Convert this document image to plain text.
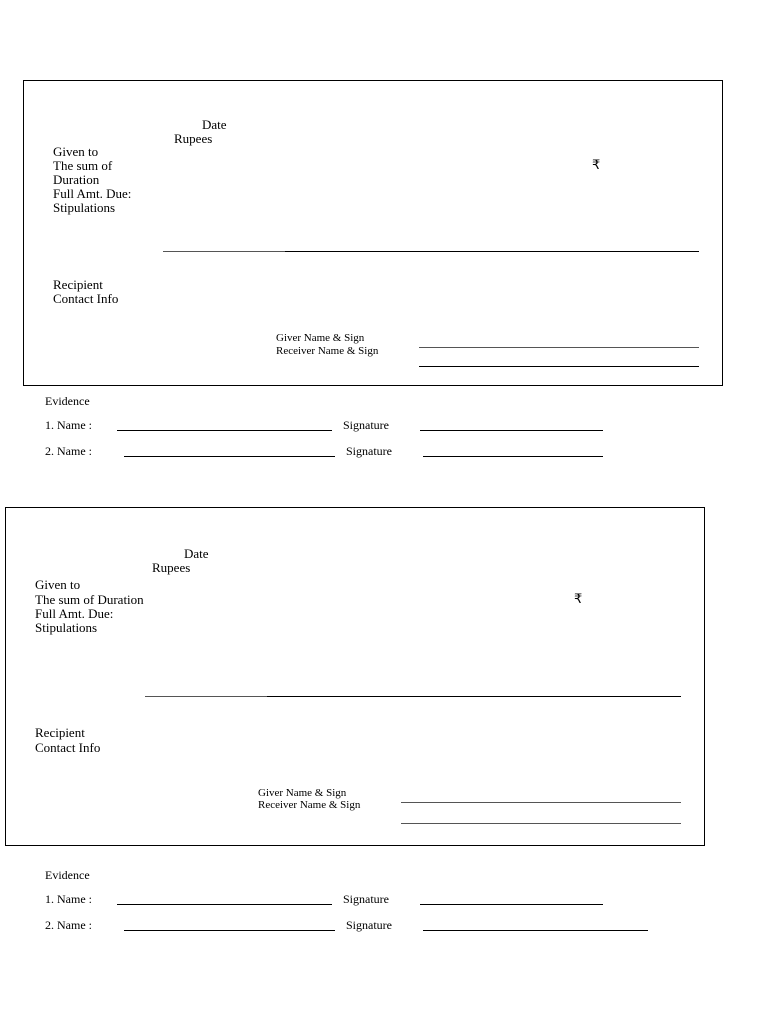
Date
Rupees
Given to
The sum of
Duration
Full Amt. Due:
Stipulations
₹
Recipient
Contact Info
Giver Name & Sign
Receiver Name & Sign
Evidence
1. Name :	Signature
2. Name :	Signature
Date
Rupees
Given to
The sum of Duration
Full Amt. Due:
Stipulations
₹
Recipient
Contact Info
Giver Name & Sign
Receiver Name & Sign
Evidence
1. Name :	Signature
2. Name :	Signature
